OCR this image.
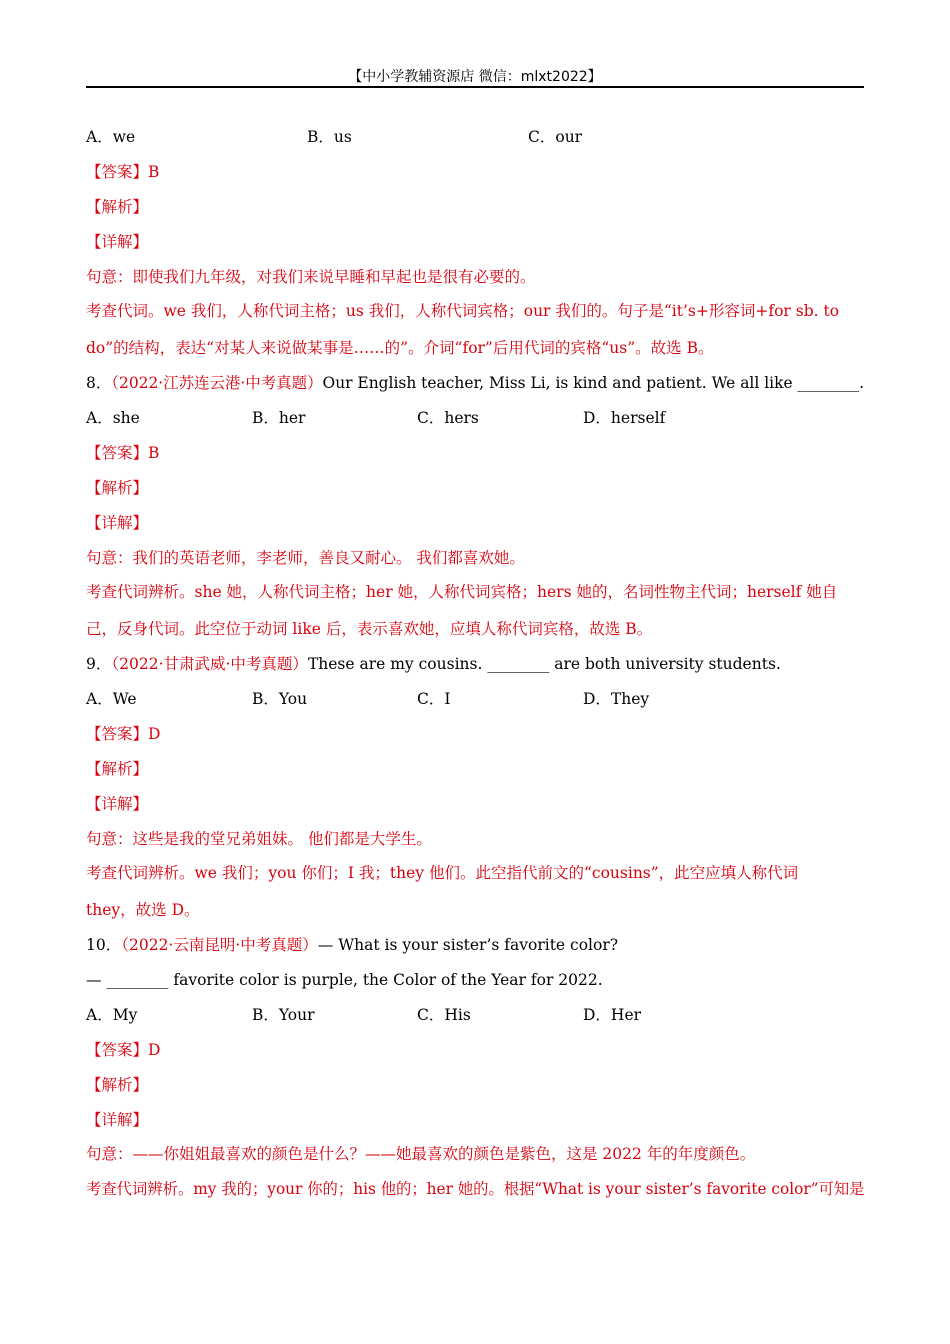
【中小学教辅资源店 微信：mlxt2022】
A．we	B．us	C．our
【答案】B
【解析】
【详解】
句意：即使我们九年级，对我们来说早睡和早起也是很有必要的。
考查代词。we 我们，人称代词主格；us 我们，人称代词宾格；our 我们的。句子是“it’s+形容词+for sb. to
do”的结构，表达“对某人来说做某事是……的”。介词“for”后用代词的宾格“us”。故选 B。
8．（2022·江苏连云港·中考真题）Our English teacher, Miss Li, is kind and patient. We all like ________.
A．she	B．her	C．hers	D．herself
【答案】B
【解析】
【详解】
句意：我们的英语老师，李老师，善良又耐心。 我们都喜欢她。
考查代词辨析。she 她，人称代词主格；her 她，人称代词宾格；hers 她的，名词性物主代词；herself 她自
己，反身代词。此空位于动词 like 后，表示喜欢她，应填人称代词宾格，故选 B。
9．（2022·甘肃武威·中考真题）These are my cousins. ________ are both university students.
A．We	B．You	C．I	D．They
【答案】D
【解析】
【详解】
句意：这些是我的堂兄弟姐妹。 他们都是大学生。
考查代词辨析。we 我们；you 你们；I 我；they 他们。此空指代前文的“cousins”，此空应填人称代词
they，故选 D。
10．（2022·云南昆明·中考真题）— What is your sister’s favorite color?
— ________ favorite color is purple, the Color of the Year for 2022.
A．My	B．Your	C．His	D．Her
【答案】D
【解析】
【详解】
句意：——你姐姐最喜欢的颜色是什么？——她最喜欢的颜色是紫色，这是 2022 年的年度颜色。
考查代词辨析。my 我的；your 你的；his 他的；her 她的。根据“What is your sister’s favorite color”可知是
